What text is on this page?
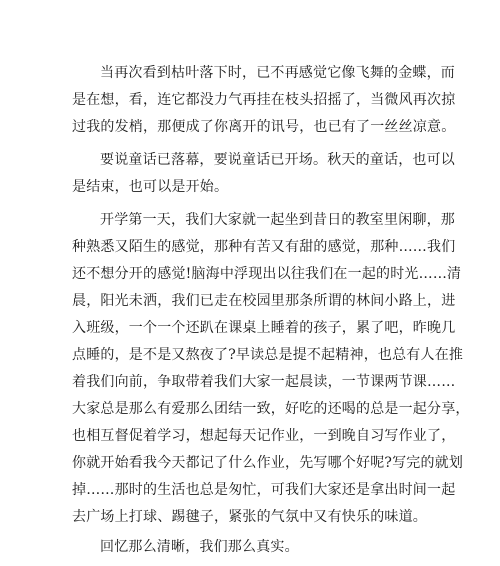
当再次看到枯叶落下时，已不再感觉它像飞舞的金蝶，而
是在想，看，连它都没力气再挂在枝头招摇了，当微风再次掠
过我的发梢，那便成了你离开的讯号，也已有了一丝丝凉意。
要说童话已落幕，要说童话已开场。秋天的童话，也可以
是结束，也可以是开始。
开学第一天，我们大家就一起坐到昔日的教室里闲聊，那
种熟悉又陌生的感觉，那种有苦又有甜的感觉，那种……我们
还不想分开的感觉!脑海中浮现出以往我们在一起的时光……清
晨，阳光未洒，我们已走在校园里那条所谓的林间小路上，进
入班级，一个一个还趴在课桌上睡着的孩子，累了吧，昨晚几
点睡的，是不是又熬夜了?早读总是提不起精神，也总有人在推
着我们向前，争取带着我们大家一起晨读，一节课两节课……
大家总是那么有爱那么团结一致，好吃的还喝的总是一起分享，
也相互督促着学习，想起每天记作业，一到晚自习写作业了，
你就开始看我今天都记了什么作业，先写哪个好呢?写完的就划
掉……那时的生活也总是匆忙，可我们大家还是拿出时间一起
去广场上打球、踢毽子，紧张的气氛中又有快乐的味道。
回忆那么清晰，我们那么真实。
